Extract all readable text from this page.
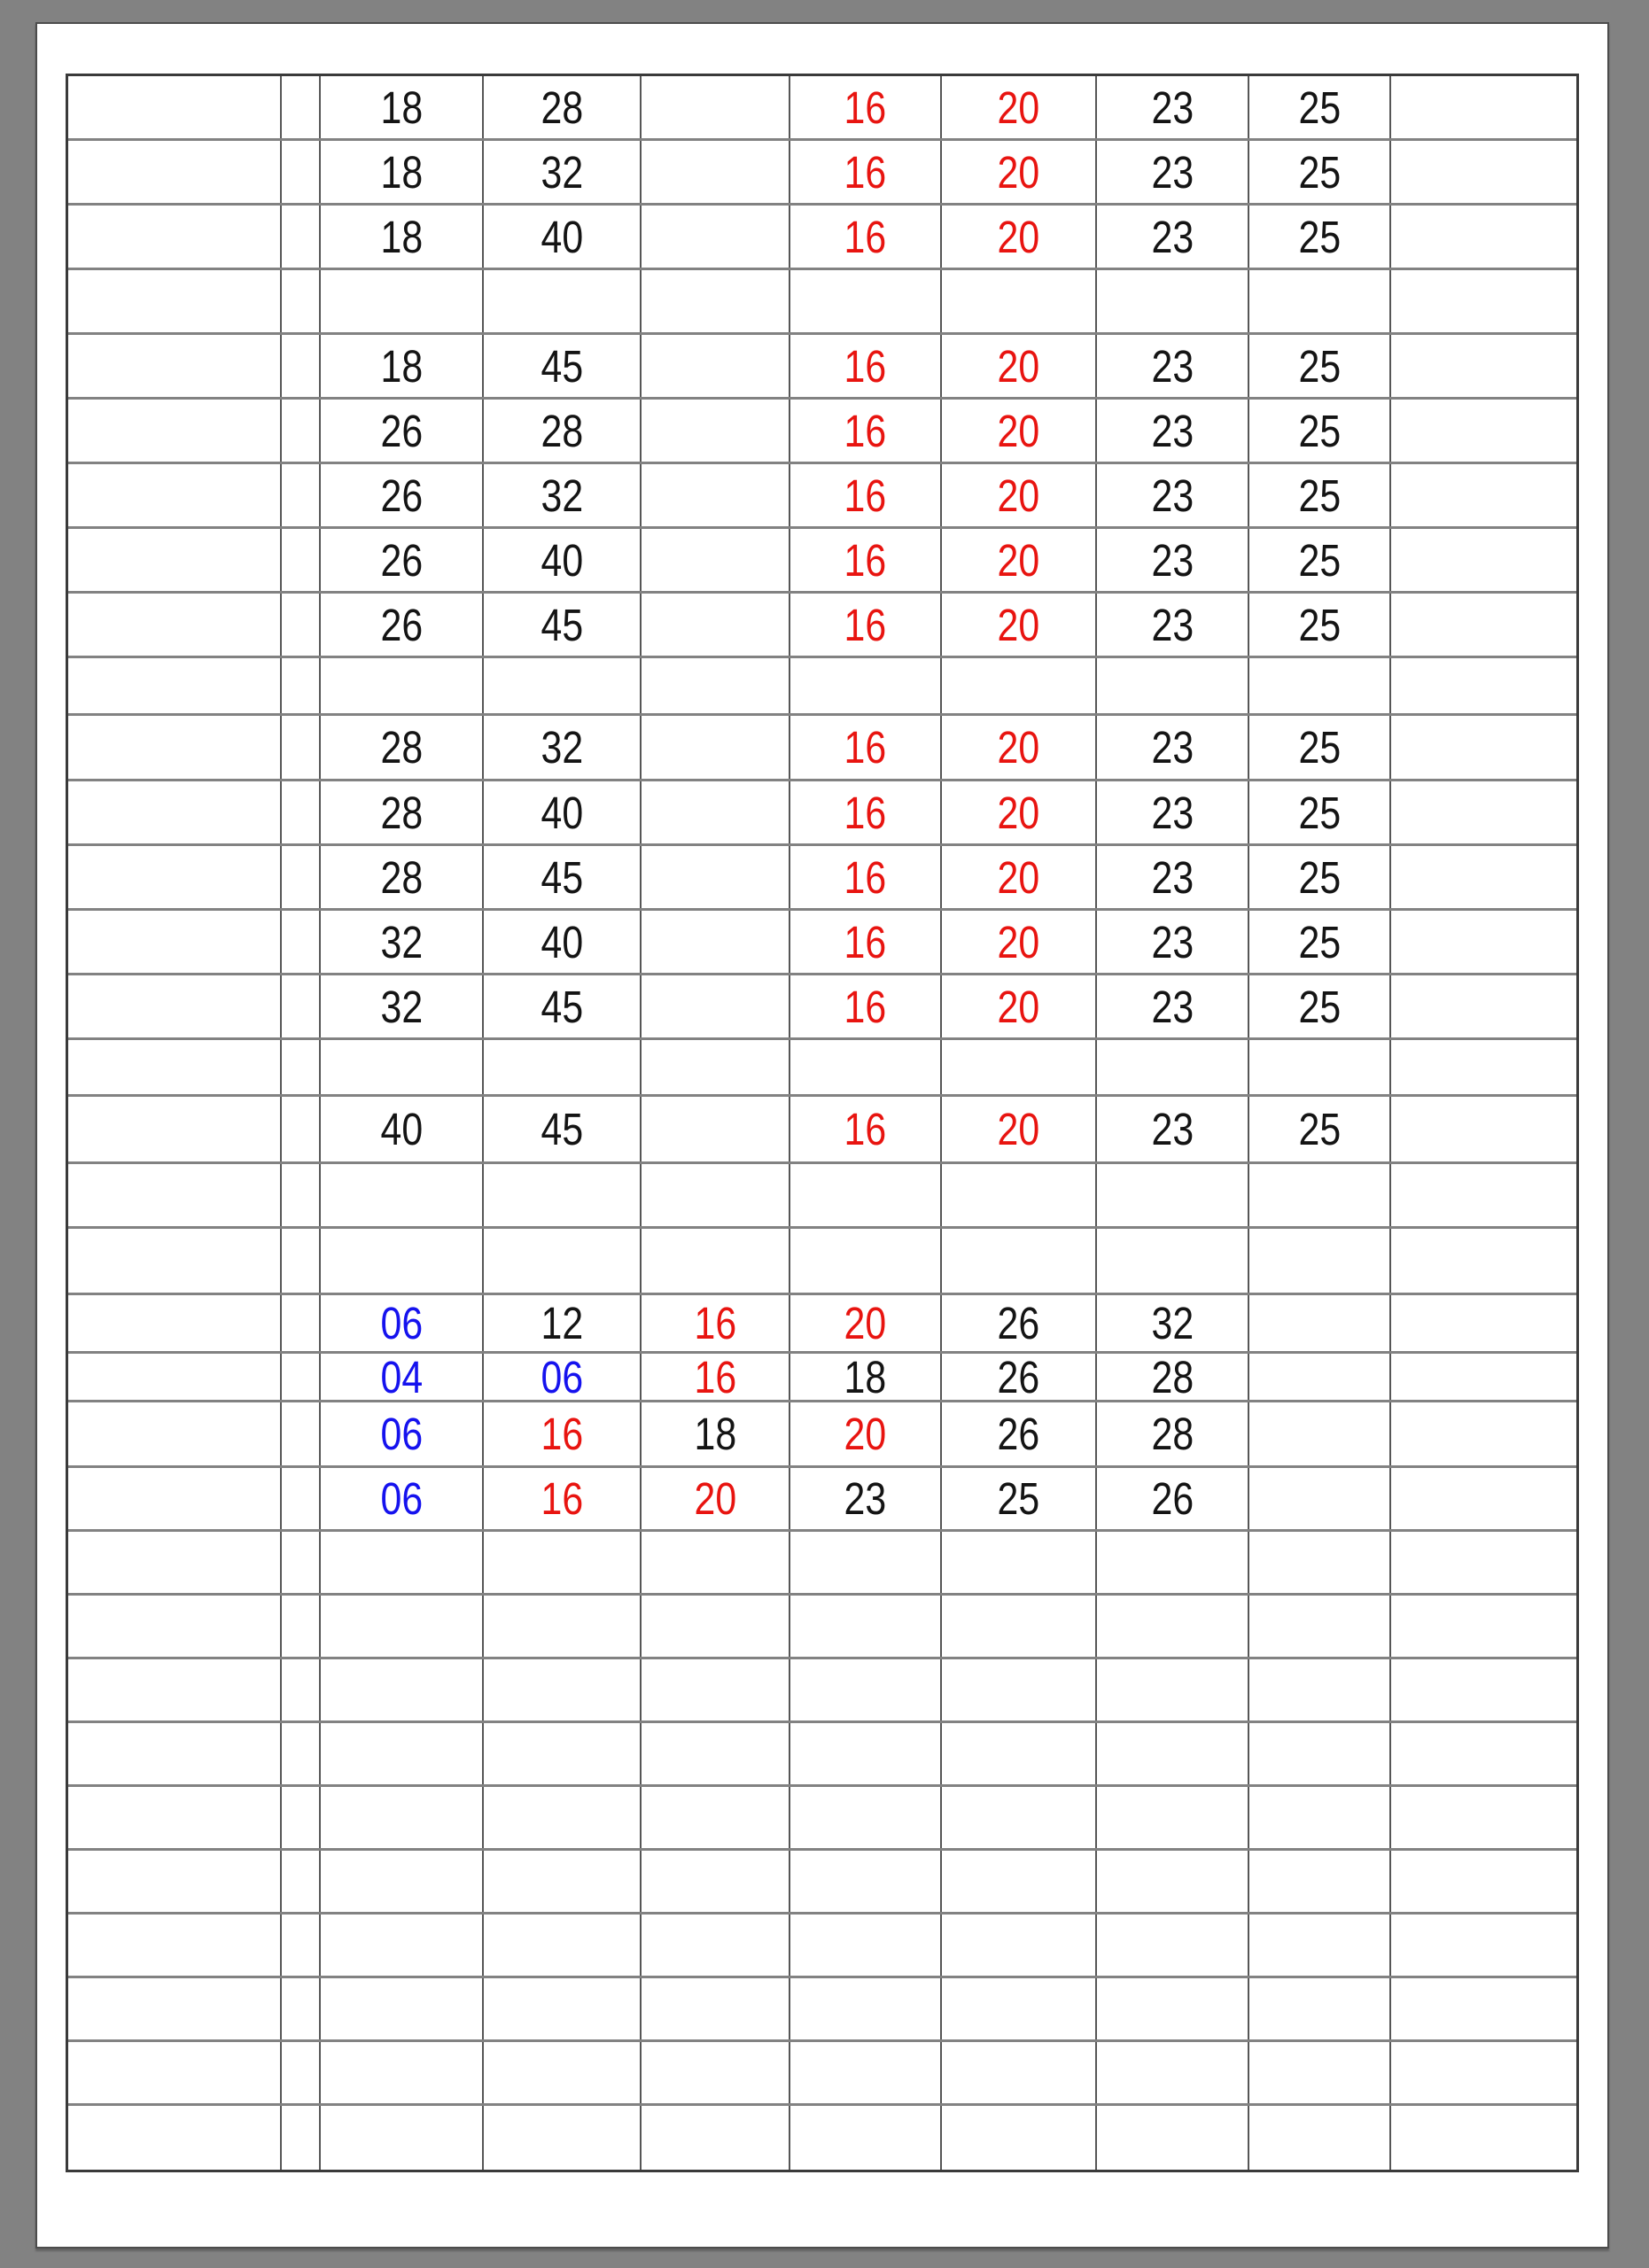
18	28	16 20 23 25
18	32	16 20 23 25
18	40	16 20 23 25
18	45	16 20 23 25
26	28	16 20 23 25
26	32	16 20 23 25
26	40	16 20 23 25
26	45	16 20 23 25
28	32	16 20 23 25
28	40	16 20 23 25
28	45	16 20 23 25
32	40	16 20 23 25
32	45	16 20 23 25
40	45	16 20 23 25
06	12 16 20 26 32
04	06 16 18 26 28
06	16 18 20 26 28
06	16 20 23 25 26
